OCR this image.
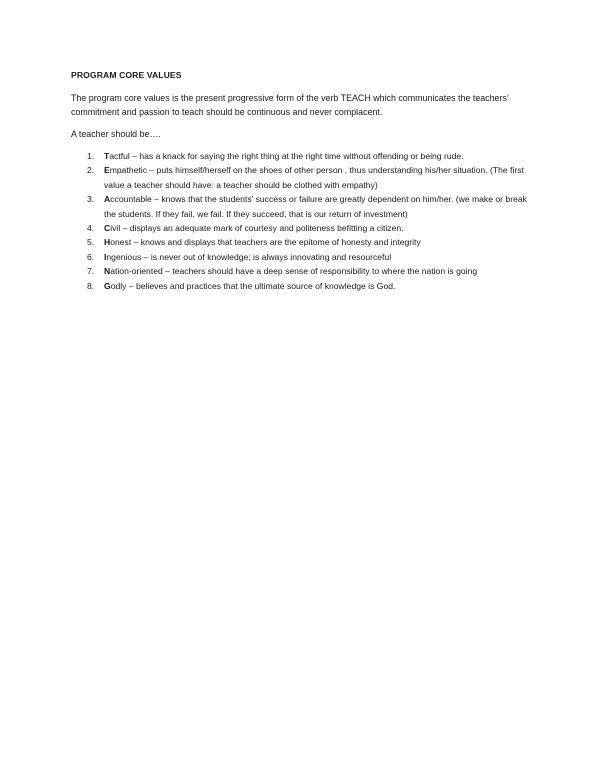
PROGRAM CORE VALUES

The program core values is the present progressive form of the verb TEACH which communicates the teachers’ commitment and passion to teach should be continuous and never complacent.

A teacher should be….

1. Tactful – has a knack for saying the right thing at the right time without offending or being rude.
2. Empathetic – puts himself/herself on the shoes of other person , thus understanding his/her situation. (The first value a teacher should have: a teacher should be clothed with empathy)
3. Accountable – knows that the students’ success or failure are greatly dependent on him/her. (we make or break the students. If they fail, we fail. If they succeed, that is our return of investment)
4. Civil – displays an adequate mark of courtesy and politeness befitting a citizen.
5. Honest – knows and displays that teachers are the epitome of honesty and integrity
6. Ingenious – is never out of knowledge; is always innovating and resourceful
7. Nation-oriented – teachers should have a deep sense of responsibility to where the nation is going
8. Godly – believes and practices that the ultimate source of knowledge is God.
